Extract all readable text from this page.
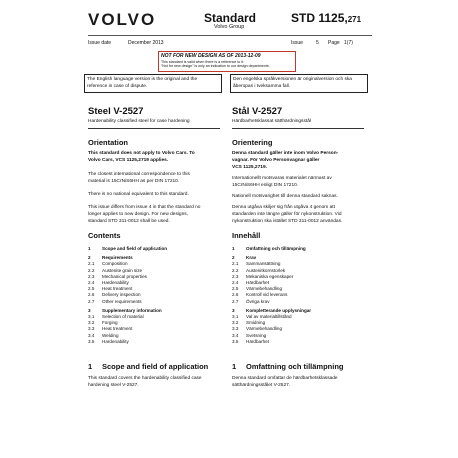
VOLVO	Standard
Volvo Group
STD 1125,271
Issue date	December 2013	Issue	5 Page 1(7)
NOT FOR NEW DESIGN AS OF 2013-12-09
This standard is valid when there is a reference to it.
"Not for new design" is only an indication to our design departments.
The English language version is the original and the
reference in case of dispute.
Den engelska språkversionen är originalversion och ska
åberopas i tveksamma fall.
Steel V-2527
Hardenability classified steel for case hardening
Orientation
This standard does not apply to Volvo Cars. To
Volvo Cars, VCS 1125,2719 applies.
The closest international correspondence to this
material is 15CrNiS6HH as per DIN 17210.
There is no national equivalent to this standard.
This issue differs from issue 4 in that the standard no
longer applies to new design. For new designs,
standard STD 311-0012 shall be used.
Contents
1 Scope and field of application
2 Requirements
2.1 Composition
2.2 Austenite grain size
2.3 Mechanical properties
2.4 Hardenability
2.5 Heat treatment
2.6 Delivery inspection
2.7 Other requirements
3 Supplementary information
3.1 Selection of material
3.2 Forging
3.3 Heat treatment
3.4 Welding
3.5 Hardenability
1 Scope and field of application
This standard covers the hardenability classified case
hardening steel V-2527.
Stål V-2527
Härdbarhetsklassat sätthärdningsstål
Orientering
Denna standard gäller inte inom Volvo Person-
vagnar. För Volvo Personvagnar gäller
VCS 1125,2719.
Internationellt motsvaras materialet närmast av
15CrNiS6HH enligt DIN 17210.
Nationell motsvarighet till denna standard saknas.
Denna utgåva skiljer sig från utgåva 4 genom att
standarden inte längre gäller för nykonstruktion. Vid
nykonstruktion ska istället STD 311-0012 användas.
Innehåll
1 Omfattning och tillämpning
2 Krav
2.1 Sammansättning
2.2 Austenitkornstorlek
2.3 Mekaniska egenskaper
2.4 Härdbarhet
2.5 Värmebehandling
2.6 Kontroll vid leverans
2.7 Övriga krav
3 Kompletterande upplysningar
3.1 Val av materialtillstånd
3.2 Smidning
3.3 Värmebehandling
3.4 Svetsning
3.5 Härdbarhet
1 Omfattning och tillämpning
Denna standard omfattar de härdbarhetsklassade
sätthärdningsstålet V-2527.
